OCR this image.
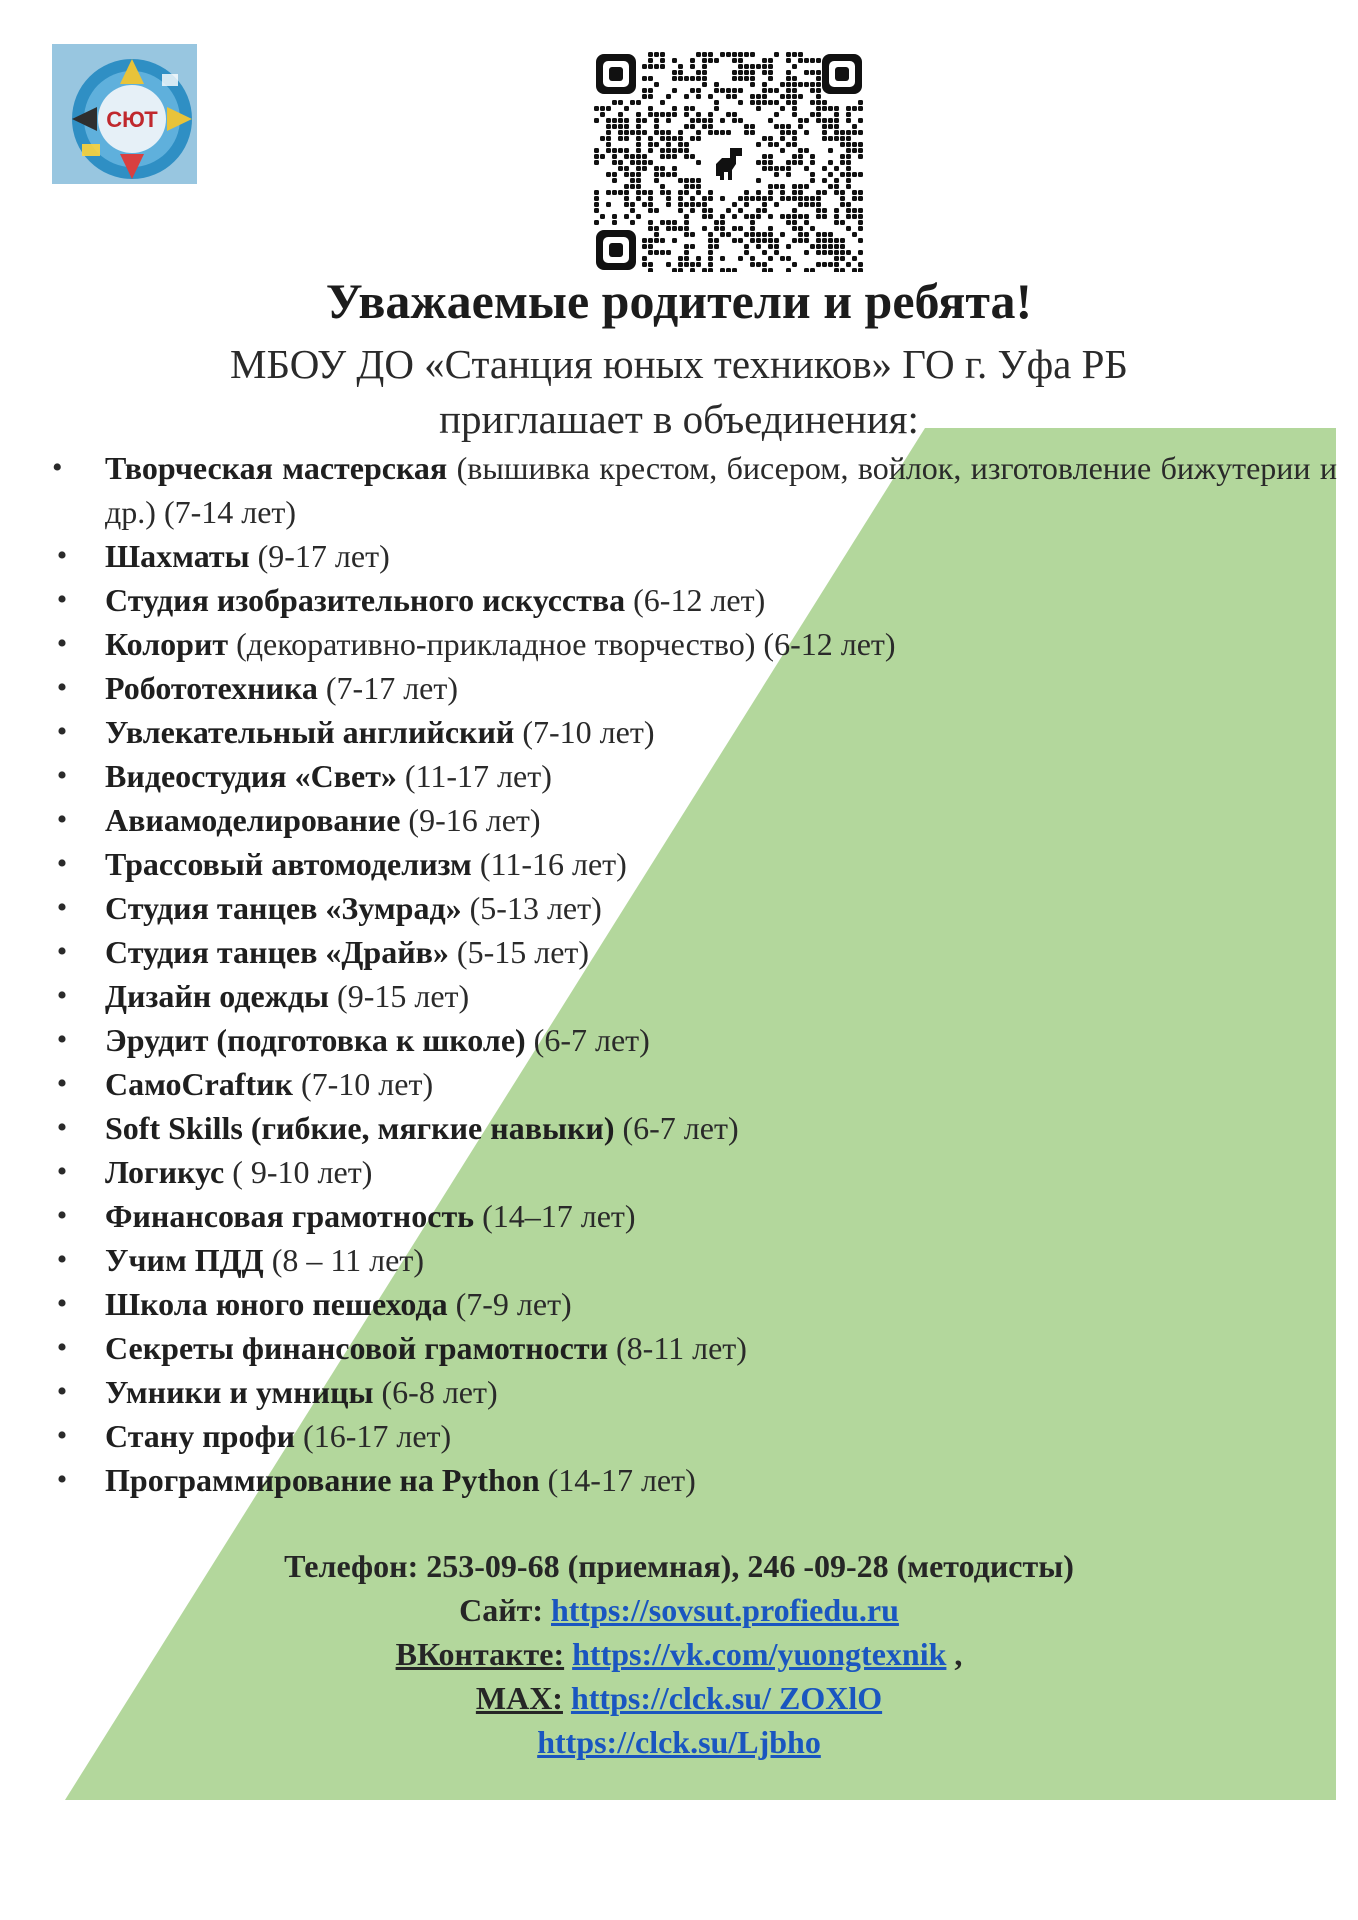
СЮТ
Уважаемые родители и ребята!
МБОУ ДО «Станция юных техников» ГО г. Уфа РБ
приглашает в объединения:
• Творческая мастерская (вышивка крестом, бисером, войлок, изготовление бижутерии и др.) (7-14 лет)
• Шахматы (9-17 лет)
• Студия изобразительного искусства (6-12 лет)
• Колорит (декоративно-прикладное творчество) (6-12 лет)
• Робототехника (7-17 лет)
• Увлекательный английский (7-10 лет)
• Видеостудия «Свет» (11-17 лет)
• Авиамоделирование (9-16 лет)
• Трассовый автомоделизм (11-16 лет)
• Студия танцев «Зумрад» (5-13 лет)
• Студия танцев «Драйв» (5-15 лет)
• Дизайн одежды (9-15 лет)
• Эрудит (подготовка к школе) (6-7 лет)
• СамоCraftик (7-10 лет)
• Soft Skills (гибкие, мягкие навыки) (6-7 лет)
• Логикус ( 9-10 лет)
• Финансовая грамотность (14–17 лет)
• Учим ПДД (8 – 11 лет)
• Школа юного пешехода (7-9 лет)
• Секреты финансовой грамотности (8-11 лет)
• Умники и умницы (6-8 лет)
• Стану профи (16-17 лет)
• Программирование на Python (14-17 лет)
Телефон: 253-09-68 (приемная), 246 -09-28 (методисты)
Сайт: https://sovsut.profiedu.ru
ВКонтакте: https://vk.com/yuongtexnik ,
MAX: https://clck.su/ ZOXlO
https://clck.su/Ljbho
